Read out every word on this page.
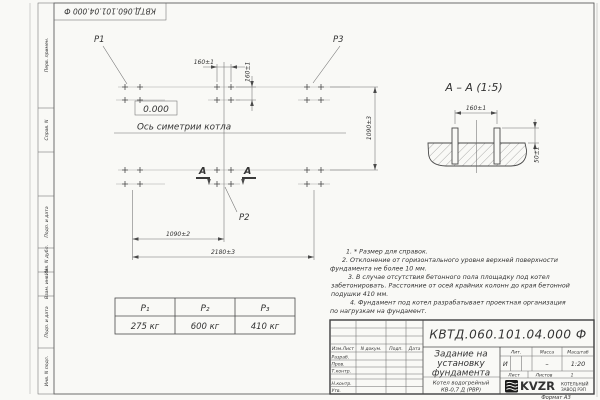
Перв. примен.
Справ. N
Подп. и дата
Инв. N дубл.
Взам. инв. N
Подп. и дата
Инв. N подл.
КВТД.060.101.04.000 Ф
P1	P3
P2
0.000
Ось симетрии котла
160±1	160±1
1090±3
1090±2
2180±3
А	А
А – А (1:5)
160±1
50±1
1. * Размер для справок.
2. Отклонение от горизонтального уровня верхней поверхности
фундамента не более 10 мм.
3. В случае отсутствия бетонного пола площадку под котел
забетонировать. Расстояние от осей крайних колонн до края бетонной
подушки 410 мм.
4. Фундамент под котел разрабатывает проектная организация
по нагрузкам на фундамент.
P₁	P₂	P₃
275 кг	600 кг	410 кг
Изм.Лист N докум. Подп. Дата
Разраб.
Пров.
Т.контр.
Н.контр.
Утв.
КВТД.060.101.04.000 Ф
Задание на
установку
фундамента
Котел водогрейный
КВ-0,7 Д (РВР)
Лит.	Масса	Масштаб
Лист	Листов	1
И	–	1:20
KVZR КОТЕЛЬНЫЙ
ЗАВОД РЭП
Формат А3
